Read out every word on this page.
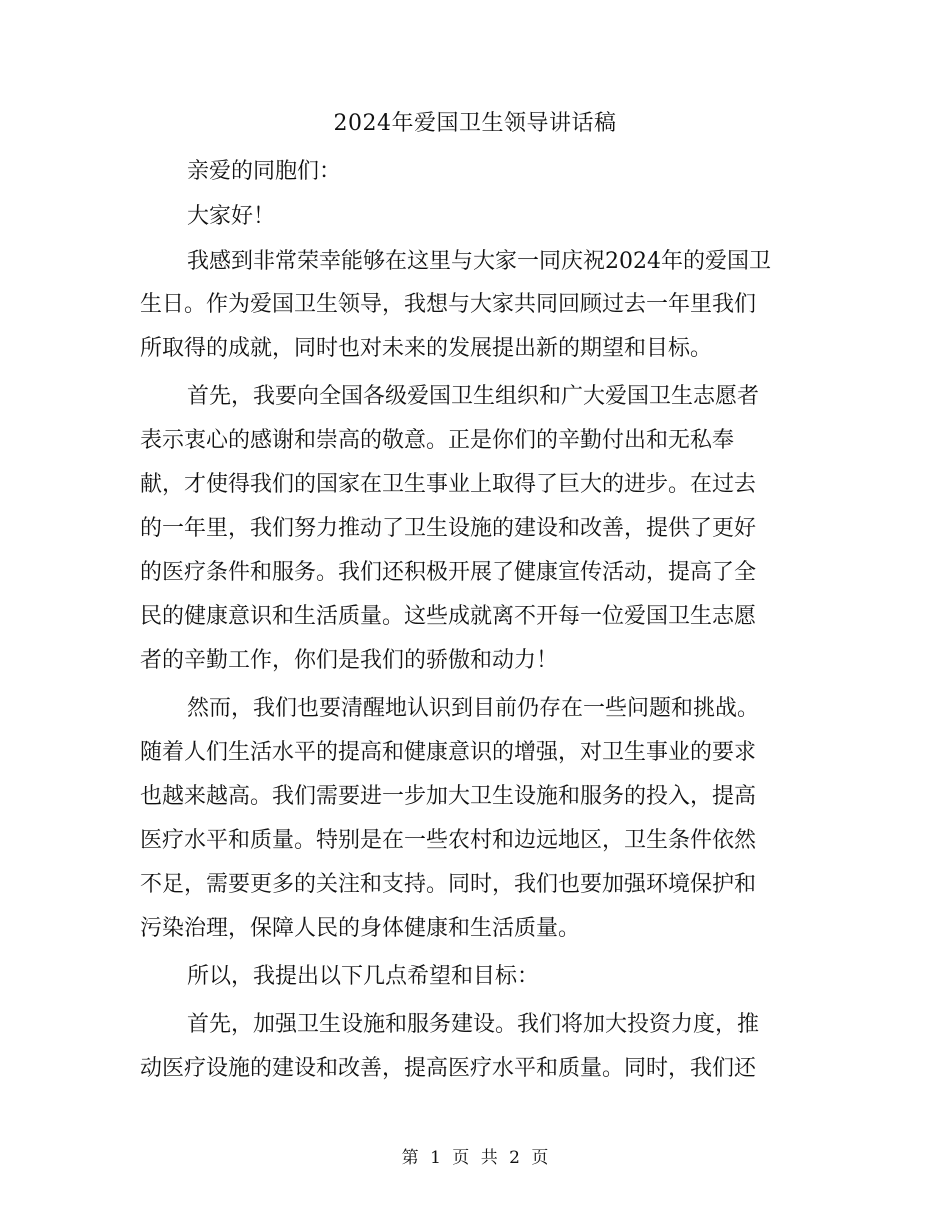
2024年爱国卫生领导讲话稿
亲爱的同胞们：
大家好！
我感到非常荣幸能够在这里与大家一同庆祝2024年的爱国卫
生日。作为爱国卫生领导，我想与大家共同回顾过去一年里我们
所取得的成就，同时也对未来的发展提出新的期望和目标。
首先，我要向全国各级爱国卫生组织和广大爱国卫生志愿者
表示衷心的感谢和崇高的敬意。正是你们的辛勤付出和无私奉
献，才使得我们的国家在卫生事业上取得了巨大的进步。在过去
的一年里，我们努力推动了卫生设施的建设和改善，提供了更好
的医疗条件和服务。我们还积极开展了健康宣传活动，提高了全
民的健康意识和生活质量。这些成就离不开每一位爱国卫生志愿
者的辛勤工作，你们是我们的骄傲和动力！
然而，我们也要清醒地认识到目前仍存在一些问题和挑战。
随着人们生活水平的提高和健康意识的增强，对卫生事业的要求
也越来越高。我们需要进一步加大卫生设施和服务的投入，提高
医疗水平和质量。特别是在一些农村和边远地区，卫生条件依然
不足，需要更多的关注和支持。同时，我们也要加强环境保护和
污染治理，保障人民的身体健康和生活质量。
所以，我提出以下几点希望和目标：
首先，加强卫生设施和服务建设。我们将加大投资力度，推
动医疗设施的建设和改善，提高医疗水平和质量。同时，我们还
第 1 页 共 2 页
